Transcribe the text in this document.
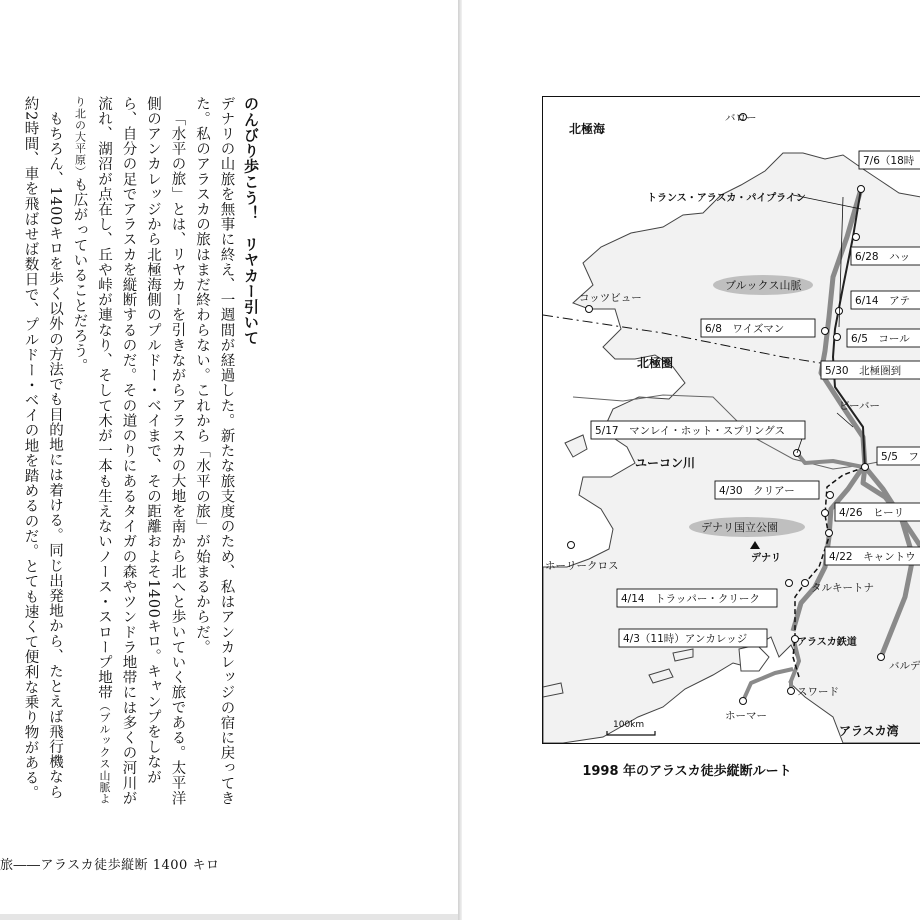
のんびり歩こう！　リヤカー引いて

デナリの山旅を無事に終え、一週間が経過した。新たな旅支度のため、私はアンカレッジの宿に戻ってきた。私のアラスカの旅はまだ終わらない。これから「水平の旅」が始まるからだ。

「水平の旅」とは、リヤカーを引きながらアラスカの大地を南から北へと歩いていく旅である。太平洋側のアンカレッジから北極海側のプルドー・ベイまで、その距離およそ1400キロ。キャンプをしながら、自分の足でアラスカを縦断するのだ。その道のりにあるタイガの森やツンドラ地帯には多くの河川が流れ、湖沼が点在し、丘や峠が連なり、そして木が一本も生えないノース・スロープ地帯（ブルックス山脈より北の大平原）も広がっていることだろう。

もちろん、1400キロを歩く以外の方法でも目的地には着ける。同じ出発地から、たとえば飛行機なら約2時間、車を飛ばせば数日で、プルドー・ベイの地を踏めるのだ。とても速くて便利な乗り物がある。

旅――アラスカ徒歩縦断 1400 キロ
100km
北極海
北極圏
ユーコン川
アラスカ湾
ブルックス山脈
デナリ国立公園
トランス・アラスカ・パイプライン
アラスカ鉄道
バロー
コッツビュー
ビーバー
ホーリークロス
デナリ
タルキートナ
スワード
ホーマー
バルデ
7/6（18時
6/28　ハッ
6/14　アテ
6/8　ワイズマン
6/5　コール
5/30　北極圏到
5/17　マンレイ・ホット・スプリングス
5/5　フ
4/30　クリアー
4/26　ヒーリ
4/22　キャントウ
4/14　トラッパー・クリーク
4/3（11時）アンカレッジ
1998 年のアラスカ徒歩縦断ルート
